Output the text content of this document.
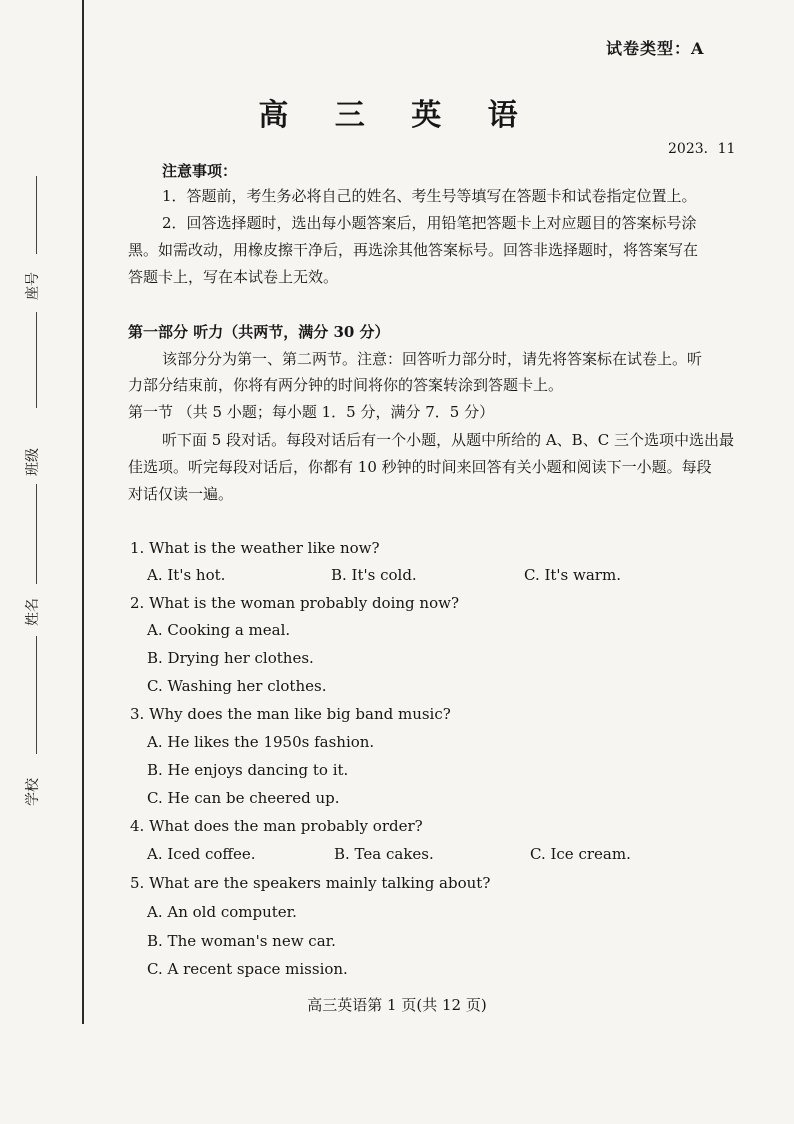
座号
班级
姓名
学校
试卷类型：A
高 三 英 语
2023．11
注意事项：
1．答题前，考生务必将自己的姓名、考生号等填写在答题卡和试卷指定位置上。
2．回答选择题时，选出每小题答案后，用铅笔把答题卡上对应题目的答案标号涂
黑。如需改动，用橡皮擦干净后，再选涂其他答案标号。回答非选择题时，将答案写在
答题卡上，写在本试卷上无效。
第一部分 听力（共两节，满分 30 分）
该部分分为第一、第二两节。注意：回答听力部分时，请先将答案标在试卷上。听
力部分结束前，你将有两分钟的时间将你的答案转涂到答题卡上。
第一节 （共 5 小题；每小题 1．5 分，满分 7．5 分）
听下面 5 段对话。每段对话后有一个小题，从题中所给的 A、B、C 三个选项中选出最
佳选项。听完每段对话后，你都有 10 秒钟的时间来回答有关小题和阅读下一小题。每段
对话仅读一遍。
1. What is the weather like now?
A. It's hot.	B. It's cold.	C. It's warm.
2. What is the woman probably doing now?
A. Cooking a meal.
B. Drying her clothes.
C. Washing her clothes.
3. Why does the man like big band music?
A. He likes the 1950s fashion.
B. He enjoys dancing to it.
C. He can be cheered up.
4. What does the man probably order?
A. Iced coffee.	B. Tea cakes.	C. Ice cream.
5. What are the speakers mainly talking about?
A. An old computer.
B. The woman's new car.
C. A recent space mission.
高三英语第 1 页(共 12 页)
